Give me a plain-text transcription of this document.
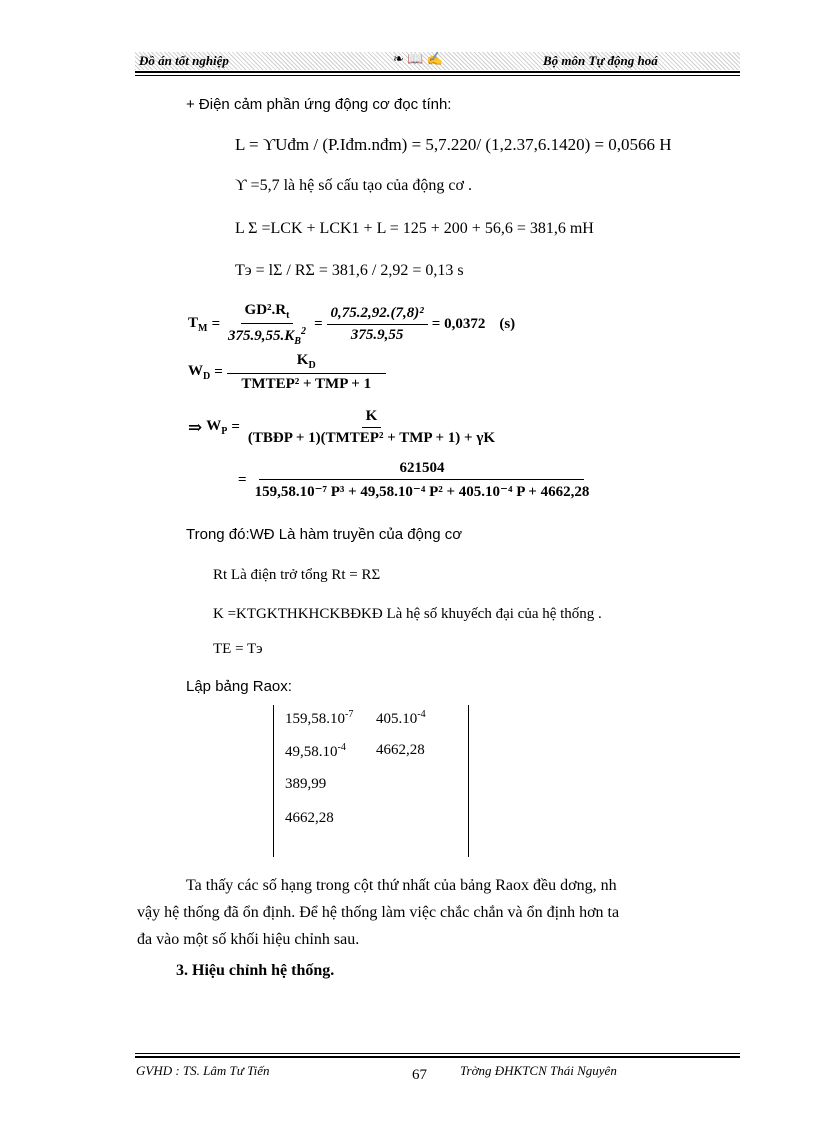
Đồ án tốt nghiệp	❧ 📖 ✍	Bộ môn Tự động hoá
+ Điện cảm phần ứng động cơ đọc tính:
L = ϒUđm / (P.Iđm.nđm) = 5,7.220/ (1,2.37,6.1420) = 0,0566 H
ϒ =5,7 là hệ số cấu tạo của động cơ .
L Σ =LCK + LCK1 + L = 125 + 200 + 56,6 = 381,6 mH
Tэ = lΣ / RΣ = 381,6 / 2,92 = 0,13 s
$T_M = \frac{GD^2.R_t}{375.9,55.K_B^2} = \frac{\text{0,75.2,92.(7,8)²}}{375.9,55} = 0,0372$ (s)
$W_D = \frac{K_D}{\text{TMTEP² + TMP + 1}}$
⇒ $W_P = \frac{K}{\text{(TBĐP + 1)(TMTEP² + TMP + 1) + γK}}$
= $\frac{621504}{\text{159,58.10⁻⁷ P³ + 49,58.10⁻⁴ P² + 405.10⁻⁴ P + 4662,28}}$
Trong đó:WĐ Là hàm truyền của động cơ
Rt Là điện trở tổng Rt = RΣ
K =KTGKTHKHCKBĐKĐ Là hệ số khuyếch đại của hệ thống .
TE = Tэ
Lập bảng Raox:
$159,58.10^{-7}$ $405.10^{-4}$
$49,58.10^{-4}$ 4662,28
389,99
4662,28
Ta thấy các số hạng trong cột thứ nhất của bảng Raox đều dơng, nh
vậy hệ thống đã ổn định. Để hệ thống làm việc chắc chắn và ổn định hơn ta
đa vào một số khối hiệu chỉnh sau.
3. Hiệu chỉnh hệ thống.
GVHD : TS. Lâm Tư Tiến	67	Trờng ĐHKTCN Thái Nguyên
